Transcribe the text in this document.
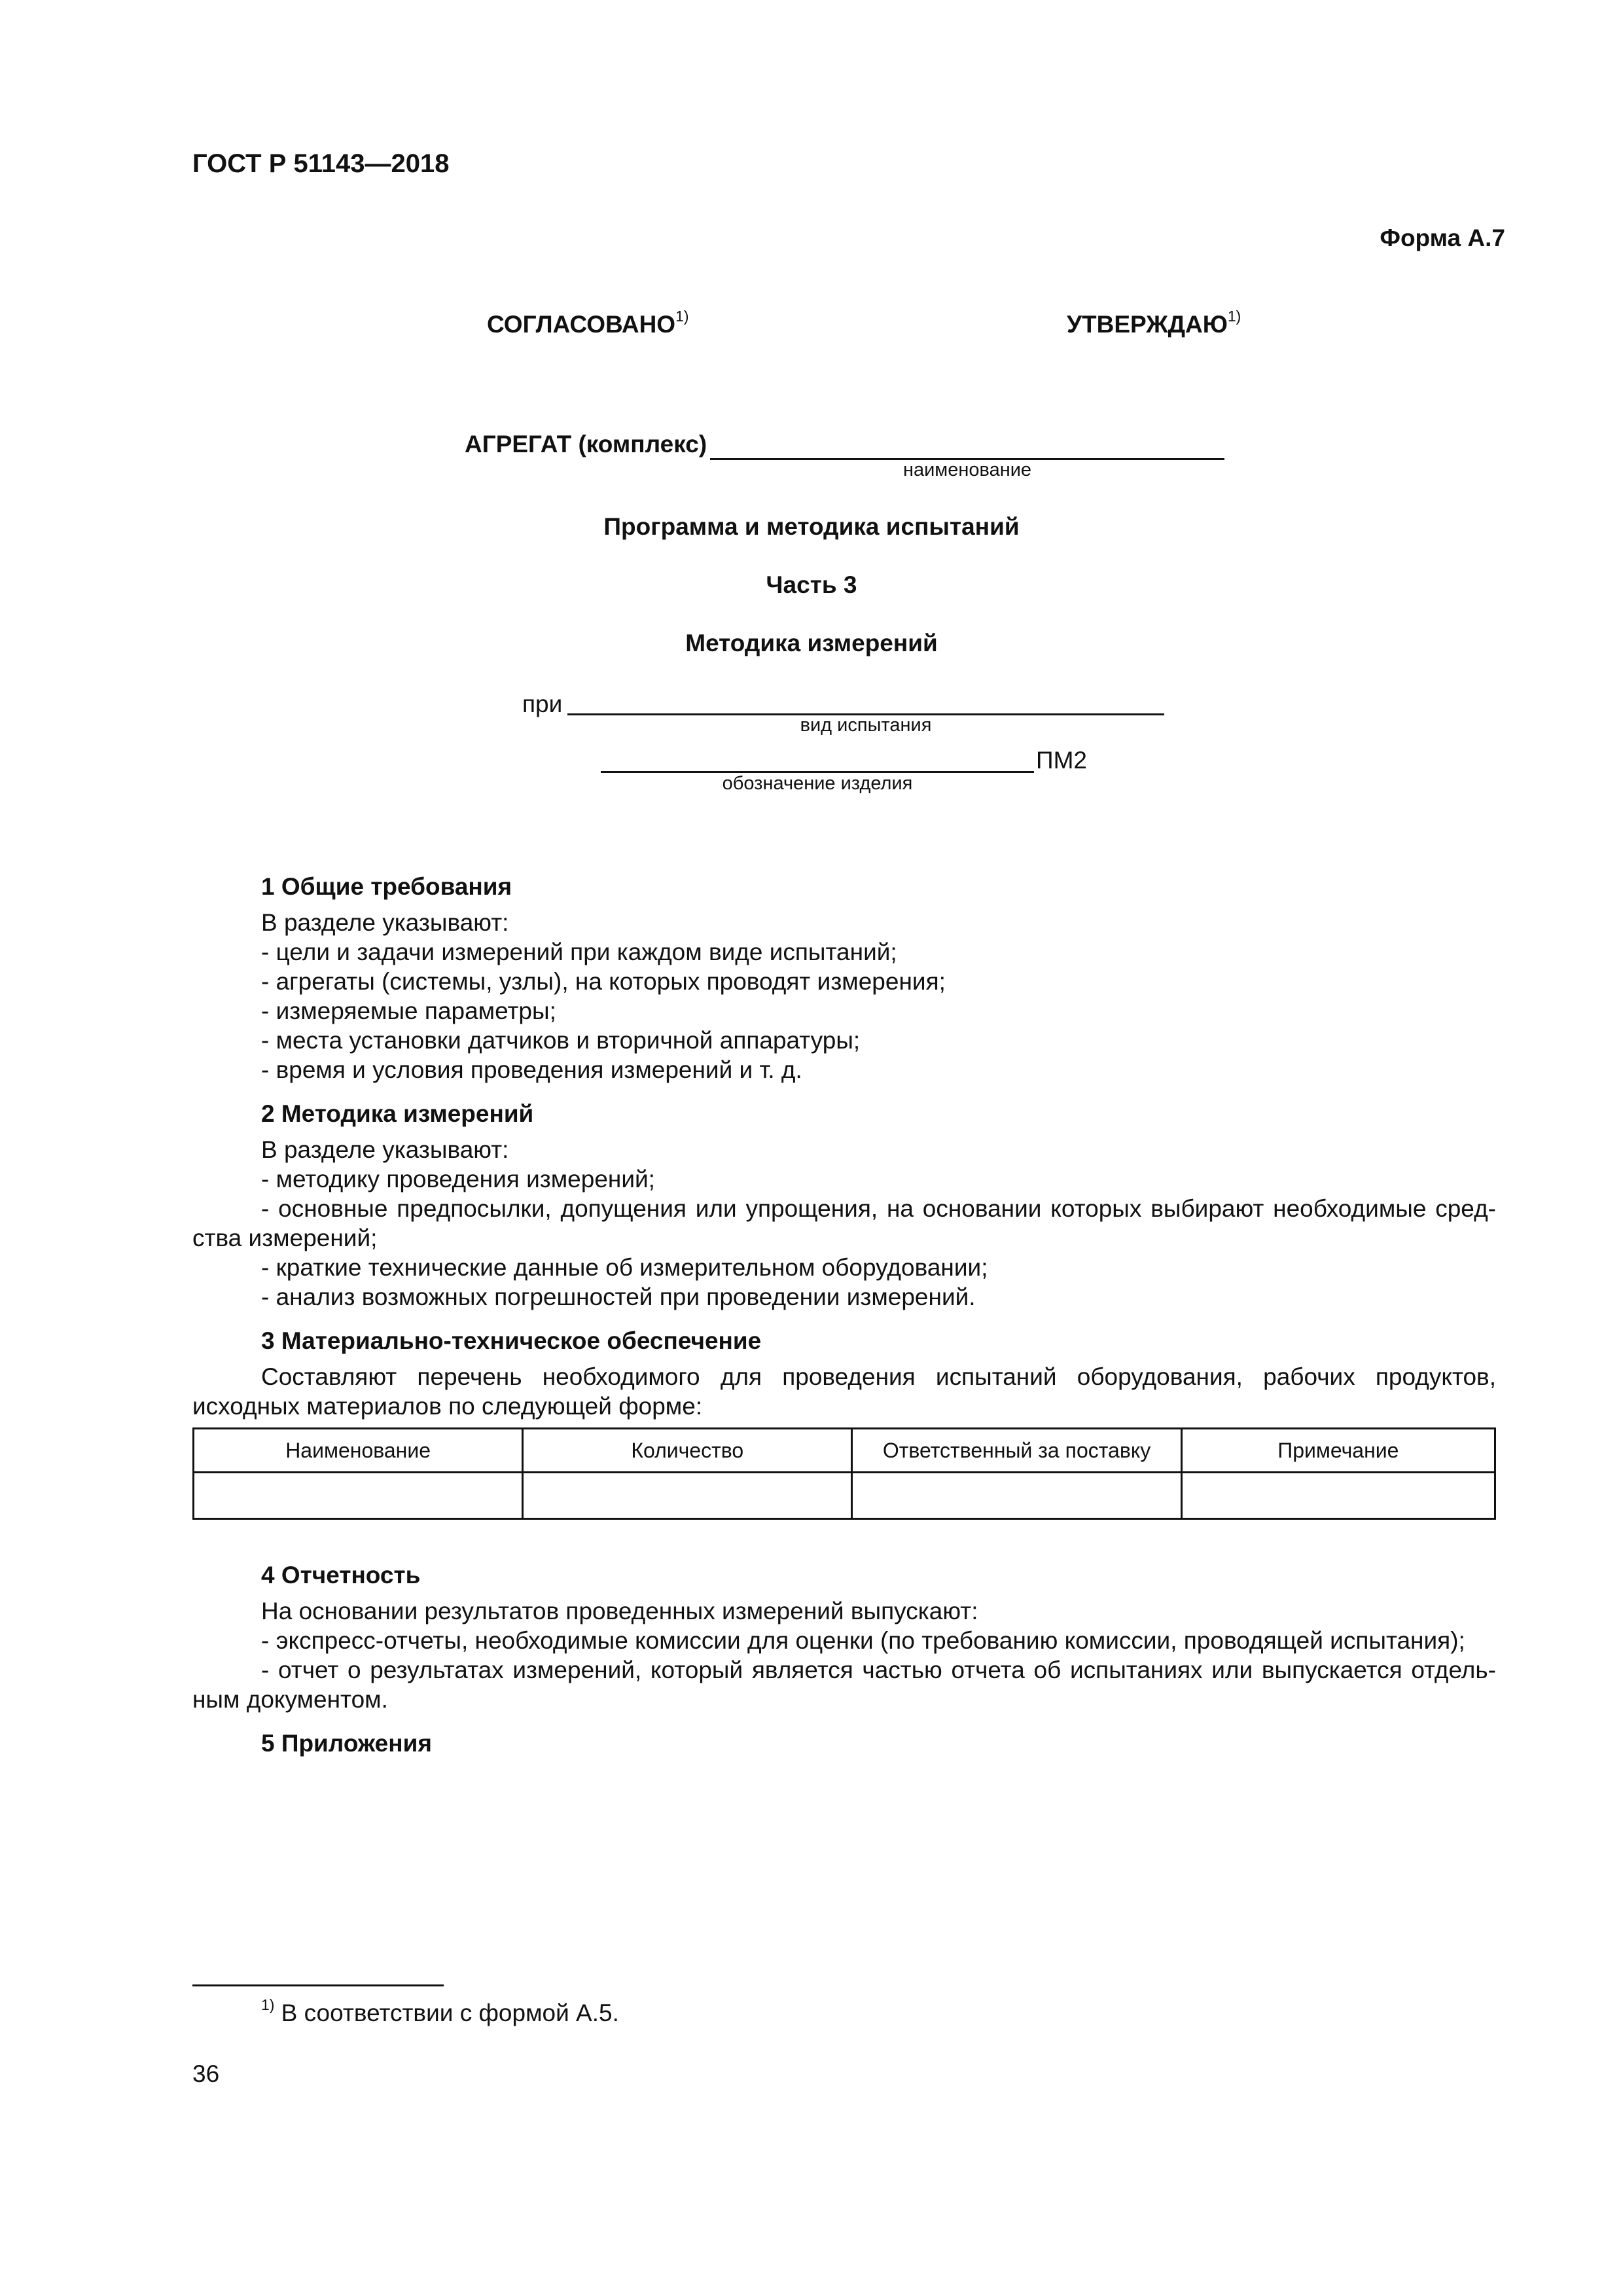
ГОСТ Р 51143—2018
Форма А.7
СОГЛАСОВАНО$^{1)}$	УТВЕРЖДАЮ$^{1)}$
АГРЕГАТ (комплекс)
наименование
Программа и методика испытаний
Часть 3
Методика измерений
при
вид испытания
ПМ2
обозначение изделия

1 Общие требования

В разделе указывают:

- цели и задачи измерений при каждом виде испытаний;

- агрегаты (системы, узлы), на которых проводят измерения;

- измеряемые параметры;

- места установки датчиков и вторичной аппаратуры;

- время и условия проведения измерений и т. д.

2 Методика измерений

В разделе указывают:

- методику проведения измерений;

- основные предпосылки, допущения или упрощения, на основании которых выбирают необходимые средства измерений;

- краткие технические данные об измерительном оборудовании;

- анализ возможных погрешностей при проведении измерений.

3 Материально-техническое обеспечение

Составляют перечень необходимого для проведения испытаний оборудования, рабочих продуктов, исходных материалов по следующей форме:

Наименование	Количество	Ответственный за поставку	Примечание

4 Отчетность

На основании результатов проведенных измерений выпускают:

- экспресс-отчеты, необходимые комиссии для оценки (по требованию комиссии, проводящей испытания);

- отчет о результатах измерений, который является частью отчета об испытаниях или выпускается отдельным документом.

5 Приложения

$^{1)}$ В соответствии с формой А.5.
36
